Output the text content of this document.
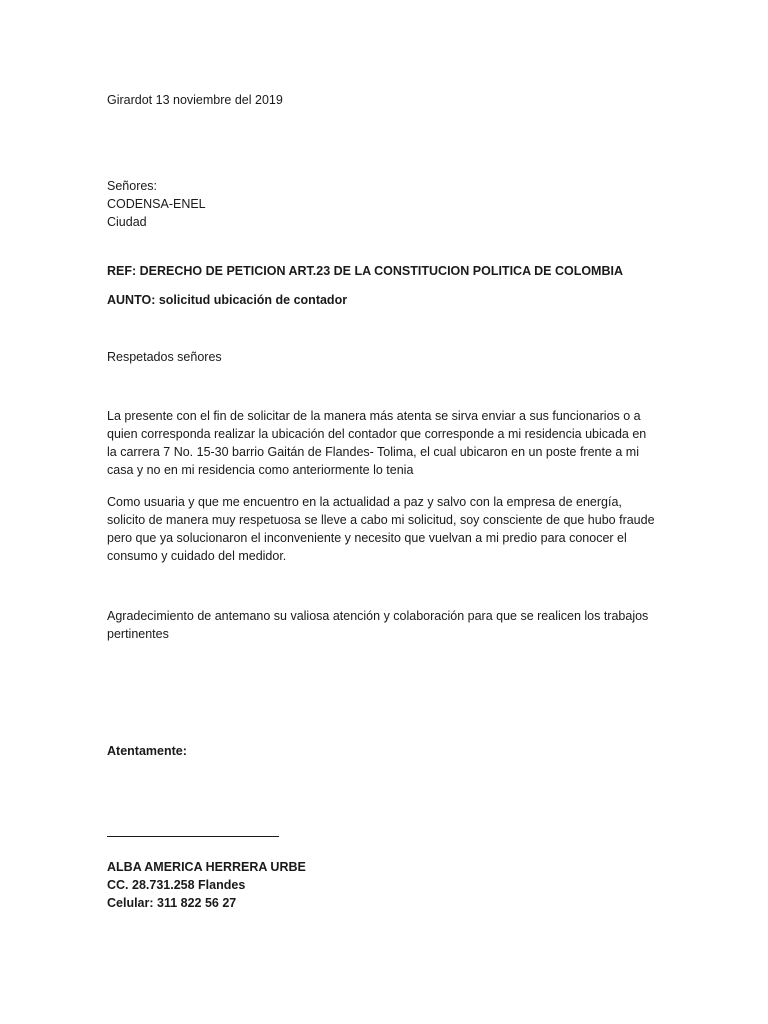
Girardot 13 noviembre del 2019
Señores:
CODENSA-ENEL
Ciudad
REF: DERECHO DE PETICION ART.23 DE LA CONSTITUCION POLITICA DE COLOMBIA
AUNTO: solicitud ubicación de contador
Respetados señores
La presente con el fin de solicitar de la manera más atenta se sirva enviar a sus funcionarios o a
quien corresponda realizar la ubicación del contador que corresponde a mi residencia ubicada en
la carrera 7 No. 15-30 barrio Gaitán de Flandes- Tolima, el cual ubicaron en un poste frente a mi
casa y no en mi residencia como anteriormente lo tenia
Como usuaria y que me encuentro en la actualidad a paz y salvo con la empresa de energía,
solicito de manera muy respetuosa se lleve a cabo mi solicitud, soy consciente de que hubo fraude
pero que ya solucionaron el inconveniente y necesito que vuelvan a mi predio para conocer el
consumo y cuidado del medidor.
Agradecimiento de antemano su valiosa atención y colaboración para que se realicen los trabajos
pertinentes
Atentamente:
ALBA AMERICA HERRERA URBE
CC. 28.731.258 Flandes
Celular: 311 822 56 27
